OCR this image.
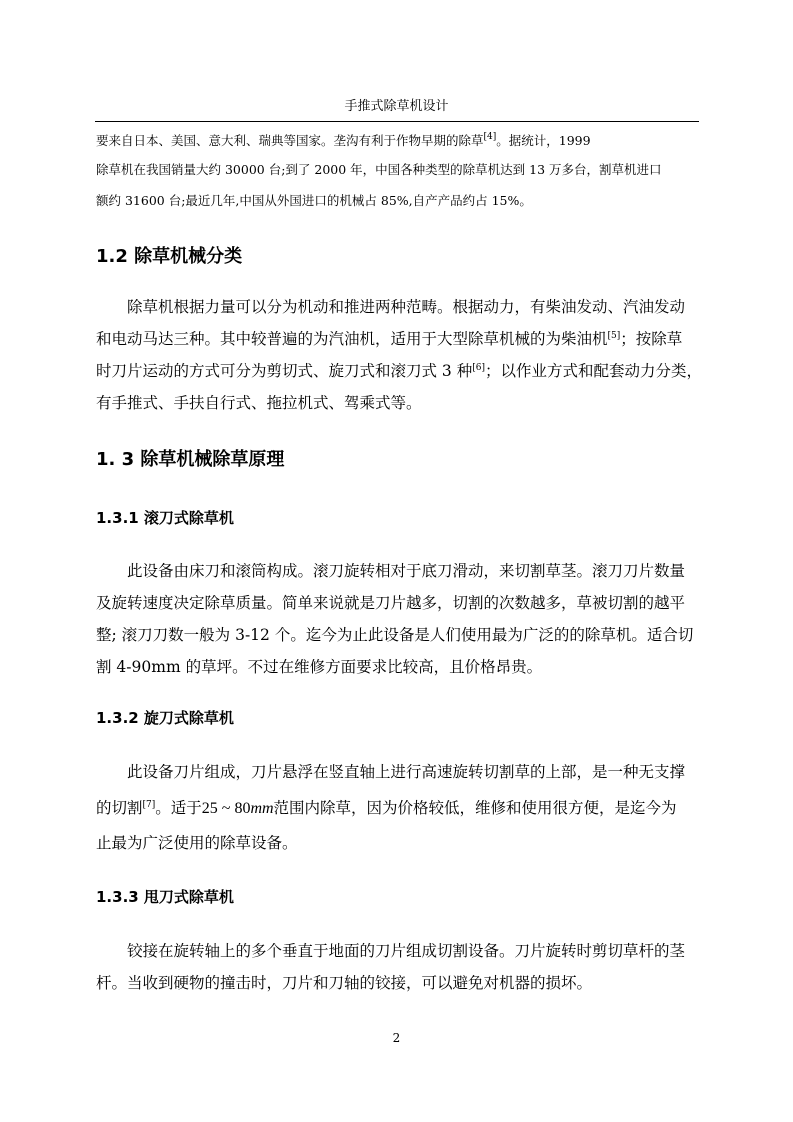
手推式除草机设计

要来自日本、美国、意大利、瑞典等国家。垄沟有利于作物早期的除草[4]。据统计，1999

除草机在我国销量大约 30000 台;到了 2000 年，中国各种类型的除草机达到 13 万多台，割草机进口

额约 31600 台;最近几年,中国从外国进口的机械占 85%,自产产品约占 15%。

1.2 除草机械分类

除草机根据力量可以分为机动和推进两种范畴。根据动力，有柴油发动、汽油发动

和电动马达三种。其中较普遍的为汽油机，适用于大型除草机械的为柴油机[5]；按除草

时刀片运动的方式可分为剪切式、旋刀式和滚刀式 3 种[6]；以作业方式和配套动力分类，

有手推式、手扶自行式、拖拉机式、驾乘式等。

1. 3 除草机械除草原理
1.3.1 滚刀式除草机

此设备由床刀和滚筒构成。滚刀旋转相对于底刀滑动，来切割草茎。滚刀刀片数量

及旋转速度决定除草质量。简单来说就是刀片越多，切割的次数越多，草被切割的越平

整; 滚刀刀数一般为 3-12 个。迄今为止此设备是人们使用最为广泛的的除草机。适合切

割 4-90mm 的草坪。不过在维修方面要求比较高，且价格昂贵。

1.3.2 旋刀式除草机

此设备刀片组成，刀片悬浮在竖直轴上进行高速旋转切割草的上部，是一种无支撑

的切割[7]。适于25 ~ 80mm范围内除草，因为价格较低，维修和使用很方便，是迄今为

止最为广泛使用的除草设备。

1.3.3 甩刀式除草机

铰接在旋转轴上的多个垂直于地面的刀片组成切割设备。刀片旋转时剪切草杆的茎

杆。当收到硬物的撞击时，刀片和刀轴的铰接，可以避免对机器的损坏。

2
